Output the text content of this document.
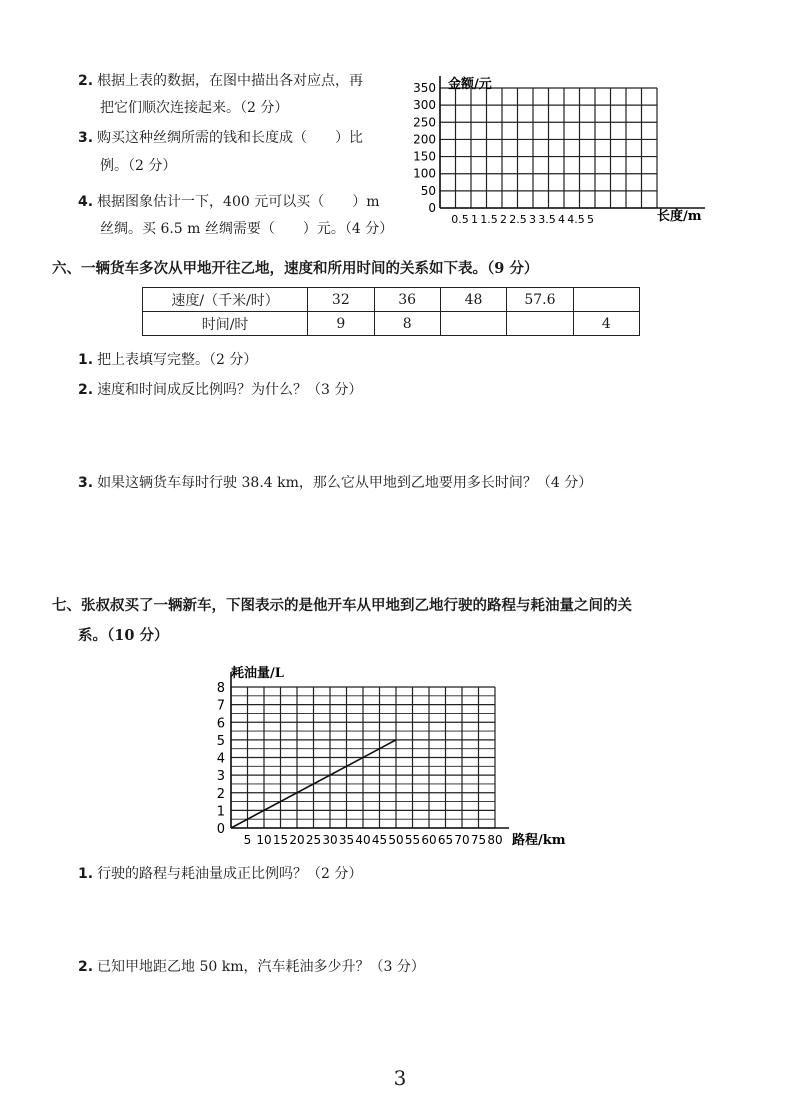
2. 根据上表的数据，在图中描出各对应点，再
把它们顺次连接起来。（2 分）
3. 购买这种丝绸所需的钱和长度成（ ）比
例。（2 分）
4. 根据图象估计一下，400 元可以买（ ）m
丝绸。买 6.5 m 丝绸需要（ ）元。（4 分）
0
50
100
150
200
250
300
350
0.5 1 1.5 2 2.5 3 3.5 4 4.5 5
金额/元
长度/m
六、一辆货车多次从甲地开往乙地，速度和所用时间的关系如下表。（9 分）
速度/（千米/时）	32	36	48	57.6	
时间/时	9	8			4
1. 把上表填写完整。（2 分）
2. 速度和时间成反比例吗？为什么？（3 分）
3. 如果这辆货车每时行驶 38.4 km，那么它从甲地到乙地要用多长时间？（4 分）
七、张叔叔买了一辆新车，下图表示的是他开车从甲地到乙地行驶的路程与耗油量之间的关
系。（10 分）
0
1
2
3
4
5
6
7
8
5 10 15 20 25 30 35 40 45 50 55 60 65 70 75 80
耗油量/L
路程/km
1. 行驶的路程与耗油量成正比例吗？（2 分）
2. 已知甲地距乙地 50 km，汽车耗油多少升？（3 分）
3
